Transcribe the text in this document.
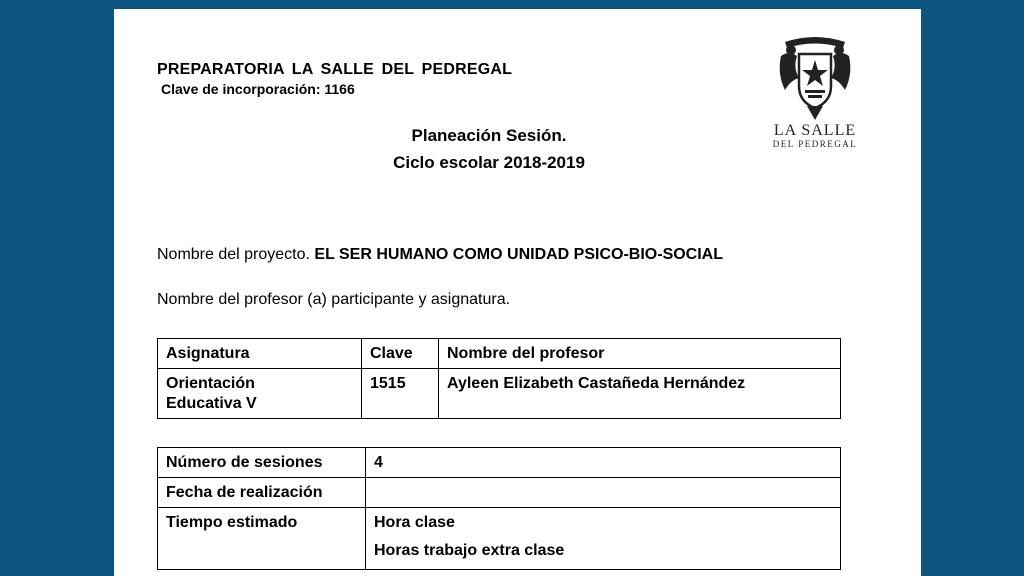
PREPARATORIA LA SALLE DEL PEDREGAL
Clave de incorporación: 1166
Planeación Sesión.
Ciclo escolar 2018-2019
LA SALLE
DEL PEDREGAL
Nombre del proyecto. EL SER HUMANO COMO UNIDAD PSICO-BIO-SOCIAL
Nombre del profesor (a) participante y asignatura.
Asignatura	Clave	Nombre del profesor

Orientación
Educativa V	1515	Ayleen Elizabeth Castañeda Hernández
Número de sesiones	4
Fecha de realización	
Tiempo estimado	Hora clase
Horas trabajo extra clase
